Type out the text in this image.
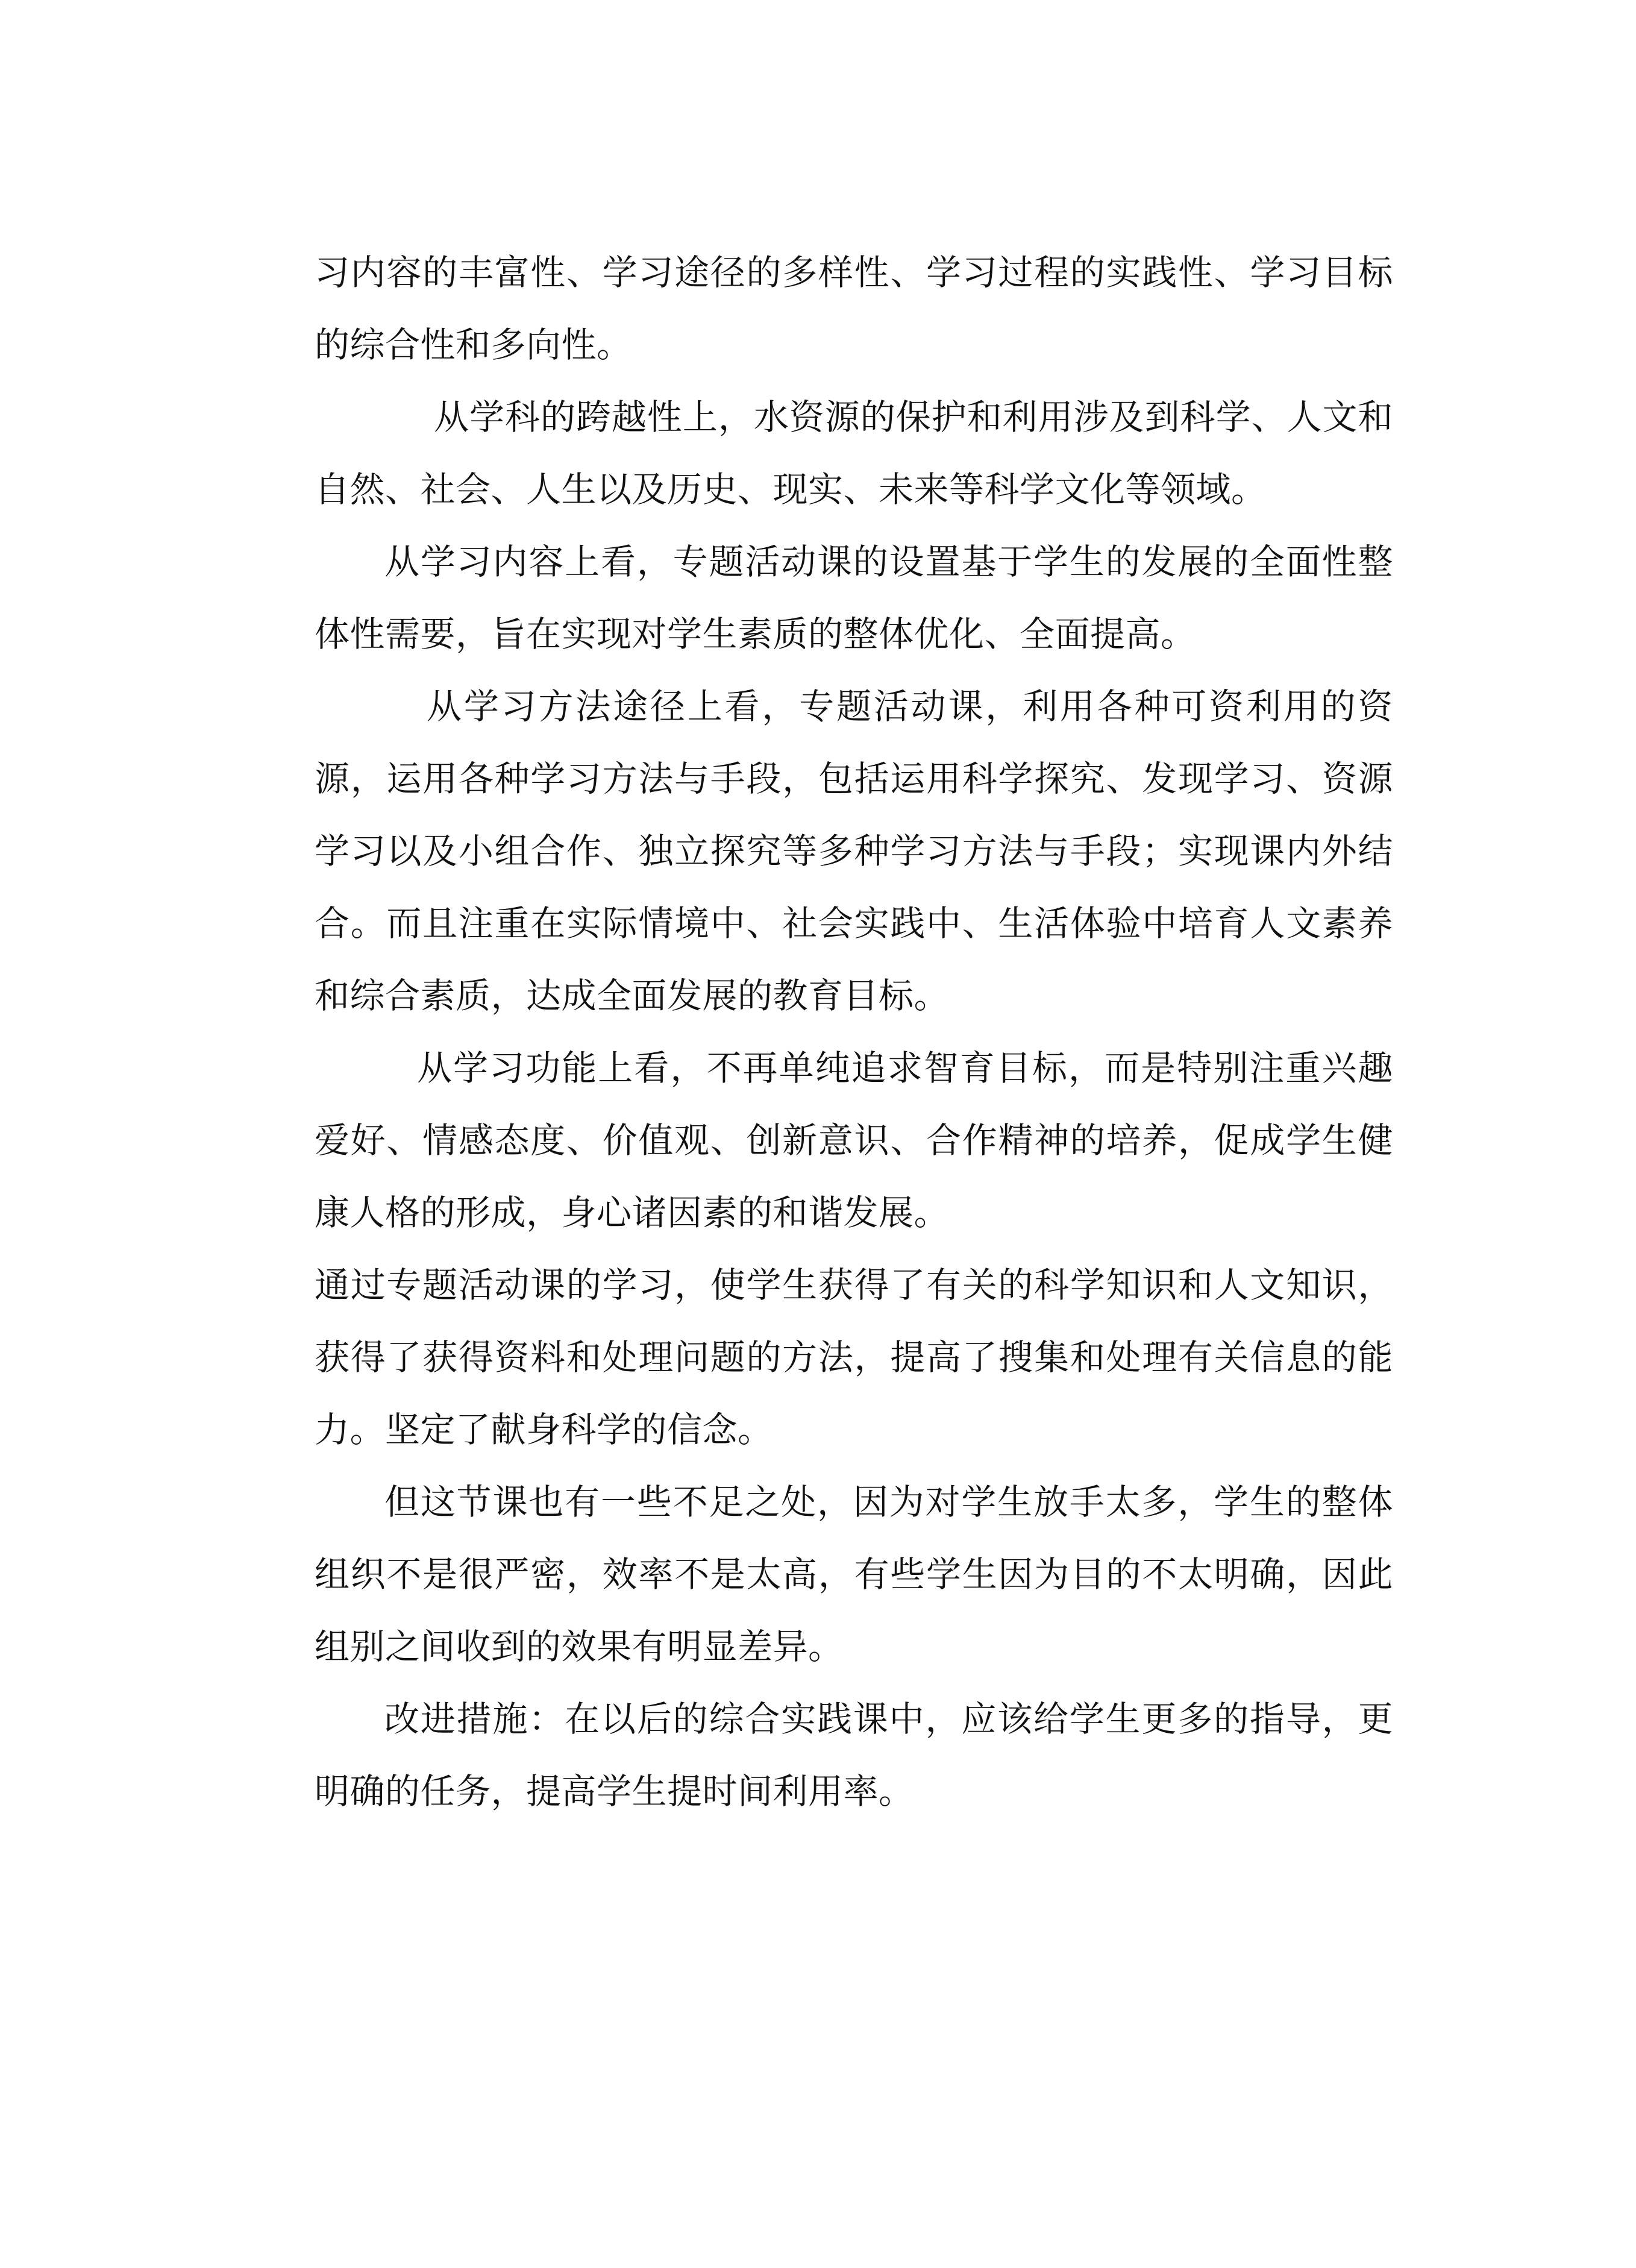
习内容的丰富性、学习途径的多样性、学习过程的实践性、学习目标的综合性和多向性。

从学科的跨越性上，水资源的保护和利用涉及到科学、人文和自然、社会、人生以及历史、现实、未来等科学文化等领域。

从学习内容上看，专题活动课的设置基于学生的发展的全面性整体性需要，旨在实现对学生素质的整体优化、全面提高。

从学习方法途径上看，专题活动课，利用各种可资利用的资源，运用各种学习方法与手段，包括运用科学探究、发现学习、资源学习以及小组合作、独立探究等多种学习方法与手段；实现课内外结合。而且注重在实际情境中、社会实践中、生活体验中培育人文素养和综合素质，达成全面发展的教育目标。

从学习功能上看，不再单纯追求智育目标，而是特别注重兴趣爱好、情感态度、价值观、创新意识、合作精神的培养，促成学生健康人格的形成，身心诸因素的和谐发展。

通过专题活动课的学习，使学生获得了有关的科学知识和人文知识，获得了获得资料和处理问题的方法，提高了搜集和处理有关信息的能力。坚定了献身科学的信念。

但这节课也有一些不足之处，因为对学生放手太多，学生的整体组织不是很严密，效率不是太高，有些学生因为目的不太明确，因此组别之间收到的效果有明显差异。

改进措施：在以后的综合实践课中，应该给学生更多的指导，更明确的任务，提高学生提时间利用率。
